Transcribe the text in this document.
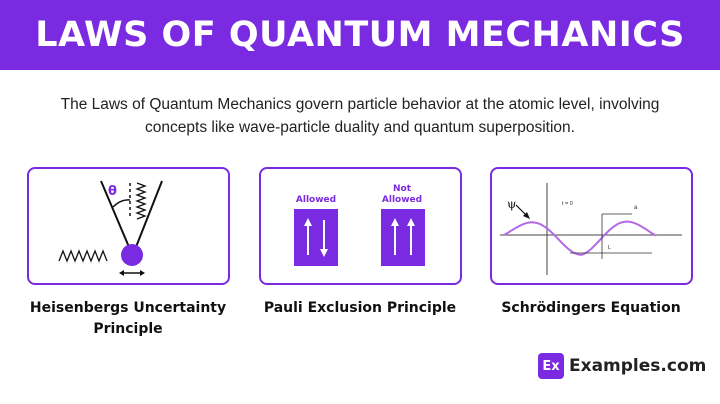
LAWS OF QUANTUM MECHANICS
The Laws of Quantum Mechanics govern particle behavior at the atomic level, involving
concepts like wave-particle duality and quantum superposition.
θ
Allowed
Not
Allowed	ψ	t = 0
a
L
Heisenbergs Uncertainty
Principle
Pauli Exclusion Principle	Schrödingers Equation
Ex Examples.com
